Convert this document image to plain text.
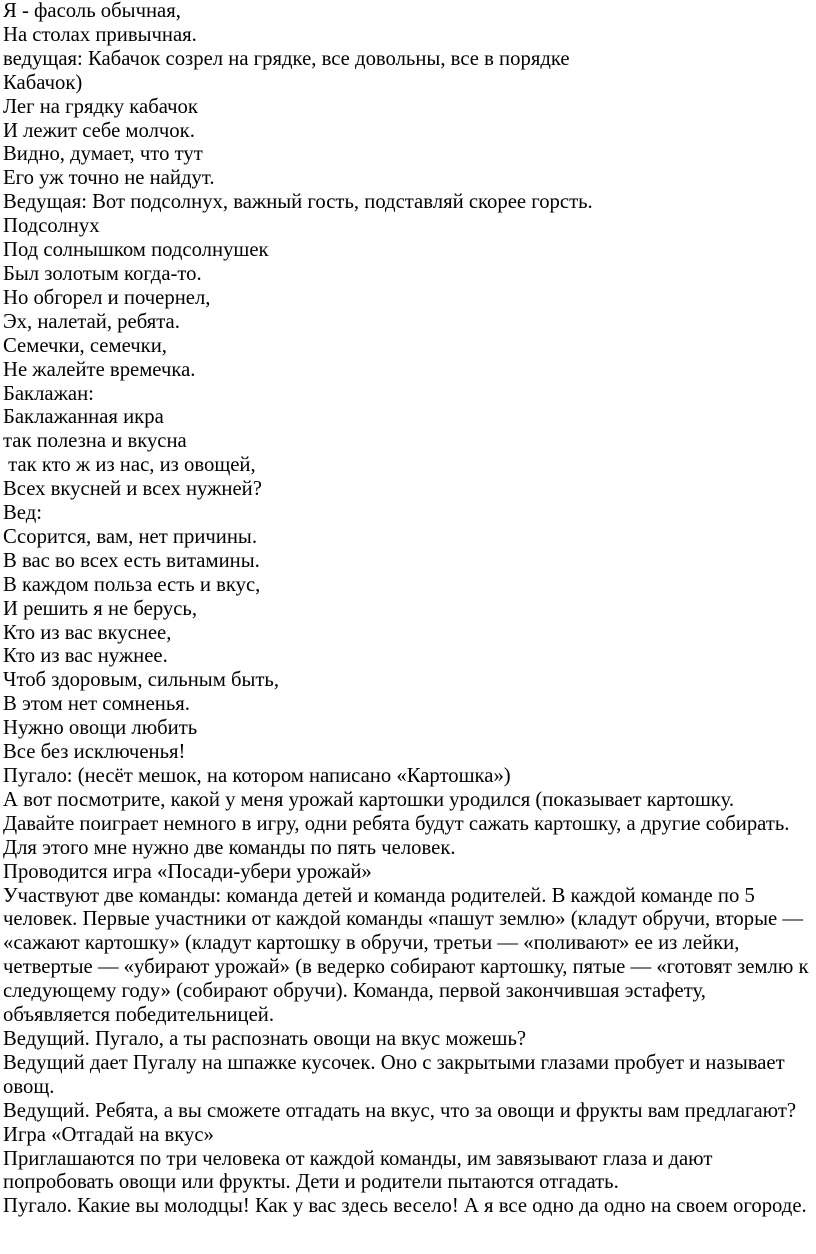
Я - фасоль обычная,

На столах привычная.

ведущая: Кабачок созрел на грядке, все довольны, все в порядке

Кабачок)

Лег на грядку кабачок

И лежит себе молчок.

Видно, думает, что тут

Его уж точно не найдут.

Ведущая: Вот подсолнух, важный гость, подставляй скорее горсть.

Подсолнух

Под солнышком подсолнушек

Был золотым когда-то.

Но обгорел и почернел,

Эх, налетай, ребята.

Семечки, семечки,

Не жалейте времечка.

Баклажан:

Баклажанная икра

так полезна и вкусна

так кто ж из нас, из овощей,

Всех вкусней и всех нужней?

Вед:

Ссорится, вам, нет причины.

В вас во всех есть витамины.

В каждом польза есть и вкус,

И решить я не берусь,

Кто из вас вкуснее,

Кто из вас нужнее.

Чтоб здоровым, сильным быть,

В этом нет сомненья.

Нужно овощи любить

Все без исключенья!

Пугало: (несёт мешок, на котором написано «Картошка»)

А вот посмотрите, какой у меня урожай картошки уродился (показывает картошку.

Давайте поиграет немного в игру, одни ребята будут сажать картошку, а другие собирать.

Для этого мне нужно две команды по пять человек.

Проводится игра «Посади-убери урожай»

Участвуют две команды: команда детей и команда родителей. В каждой команде по 5 человек. Первые участники от каждой команды «пашут землю» (кладут обручи, вторые — «сажают картошку» (кладут картошку в обручи, третьи — «поливают» ее из лейки, четвертые — «убирают урожай» (в ведерко собирают картошку, пятые — «готовят землю к следующему году» (собирают обручи). Команда, первой закончившая эстафету, объявляется победительницей.

Ведущий. Пугало, а ты распознать овощи на вкус можешь?

Ведущий дает Пугалу на шпажке кусочек. Оно с закрытыми глазами пробует и называет овощ.

Ведущий. Ребята, а вы сможете отгадать на вкус, что за овощи и фрукты вам предлагают?

Игра «Отгадай на вкус»

Приглашаются по три человека от каждой команды, им завязывают глаза и дают попробовать овощи или фрукты. Дети и родители пытаются отгадать.

Пугало. Какие вы молодцы! Как у вас здесь весело! А я все одно да одно на своем огороде.
